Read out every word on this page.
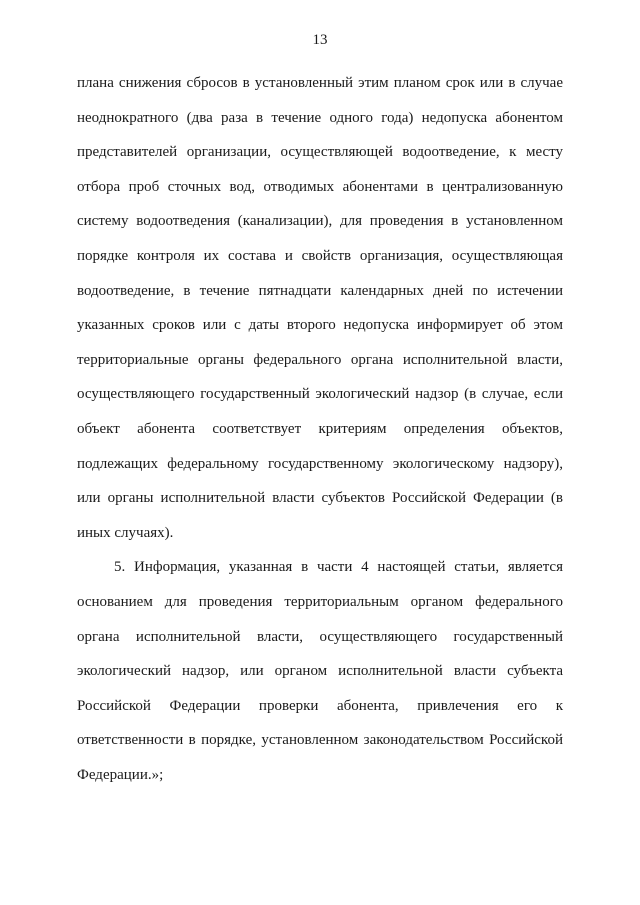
13

плана снижения сбросов в установленный этим планом срок или в случае
неоднократного (два раза в течение одного года) недопуска абонентом
представителей организации, осуществляющей водоотведение, к месту
отбора проб сточных вод, отводимых абонентами в централизованную
систему водоотведения (канализации), для проведения в установленном
порядке контроля их состава и свойств организация, осуществляющая
водоотведение, в течение пятнадцати календарных дней по истечении
указанных сроков или с даты второго недопуска информирует об этом
территориальные органы федерального органа исполнительной власти,
осуществляющего государственный экологический надзор (в случае, если
объект абонента соответствует критериям определения объектов,
подлежащих федеральному государственному экологическому надзору),
или органы исполнительной власти субъектов Российской Федерации (в
иных случаях).

5. Информация, указанная в части 4 настоящей статьи, является
основанием для проведения территориальным органом федерального
органа исполнительной власти, осуществляющего государственный
экологический надзор, или органом исполнительной власти субъекта
Российской Федерации проверки абонента, привлечения его к
ответственности в порядке, установленном законодательством Российской
Федерации.»;
